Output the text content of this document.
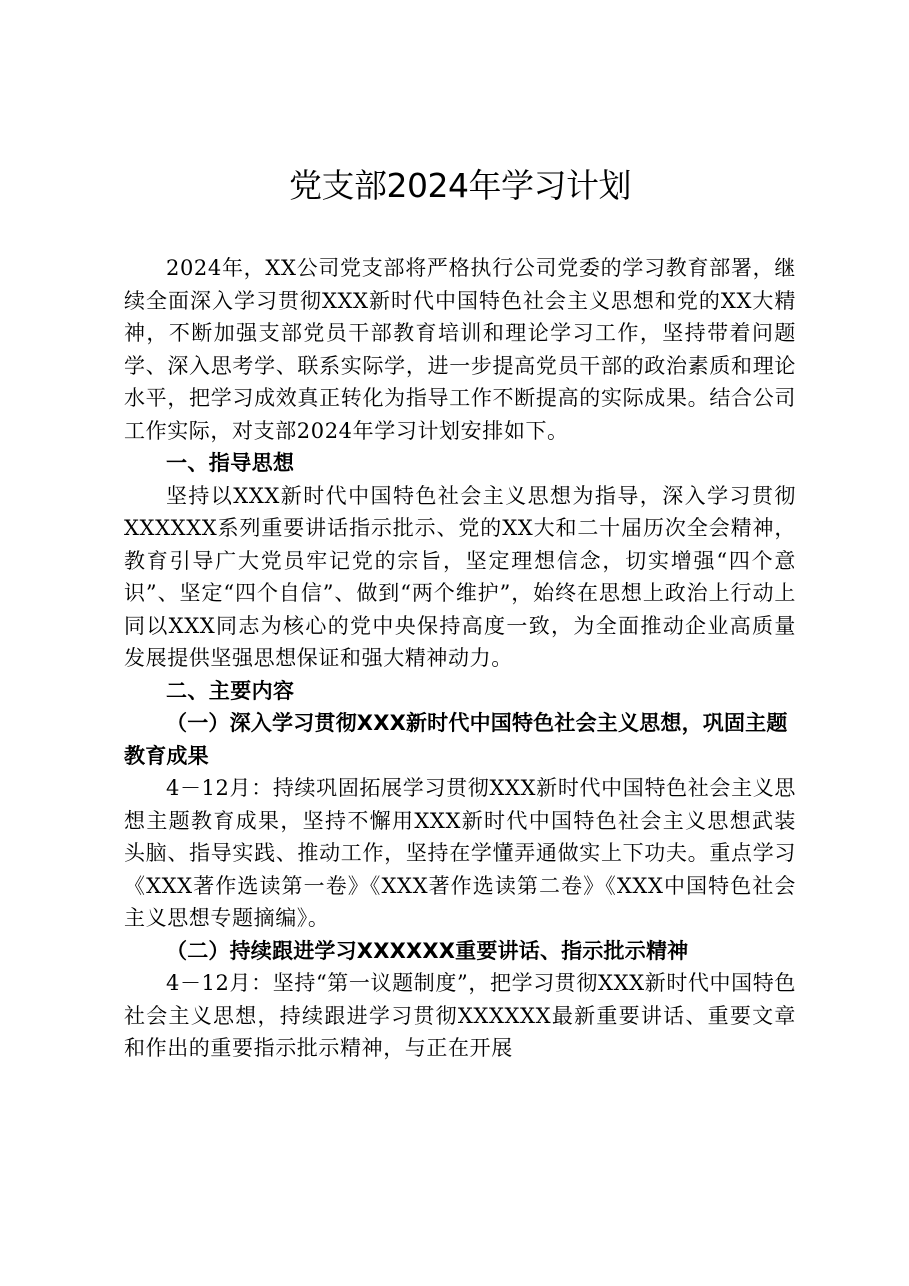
党支部2024年学习计划

2024年，XX公司党支部将严格执行公司党委的学习教育部署，继续全面深入学习贯彻XXX新时代中国特色社会主义思想和党的XX大精神，不断加强支部党员干部教育培训和理论学习工作，坚持带着问题学、深入思考学、联系实际学，进一步提高党员干部的政治素质和理论水平，把学习成效真正转化为指导工作不断提高的实际成果。结合公司工作实际，对支部2024年学习计划安排如下。

一、指导思想

坚持以XXX新时代中国特色社会主义思想为指导，深入学习贯彻XXXXXX系列重要讲话指示批示、党的XX大和二十届历次全会精神，教育引导广大党员牢记党的宗旨，坚定理想信念，切实增强“四个意识”、坚定“四个自信”、做到“两个维护”，始终在思想上政治上行动上同以XXX同志为核心的党中央保持高度一致，为全面推动企业高质量发展提供坚强思想保证和强大精神动力。

二、主要内容

（一）深入学习贯彻XXX新时代中国特色社会主义思想，巩固主题教育成果

4－12月：持续巩固拓展学习贯彻XXX新时代中国特色社会主义思想主题教育成果，坚持不懈用XXX新时代中国特色社会主义思想武装头脑、指导实践、推动工作，坚持在学懂弄通做实上下功夫。重点学习《XXX著作选读第一卷》《XXX著作选读第二卷》《XXX中国特色社会主义思想专题摘编》。

（二）持续跟进学习XXXXXX重要讲话、指示批示精神

4－12月：坚持“第一议题制度”，把学习贯彻XXX新时代中国特色社会主义思想，持续跟进学习贯彻XXXXXX最新重要讲话、重要文章和作出的重要指示批示精神，与正在开展
